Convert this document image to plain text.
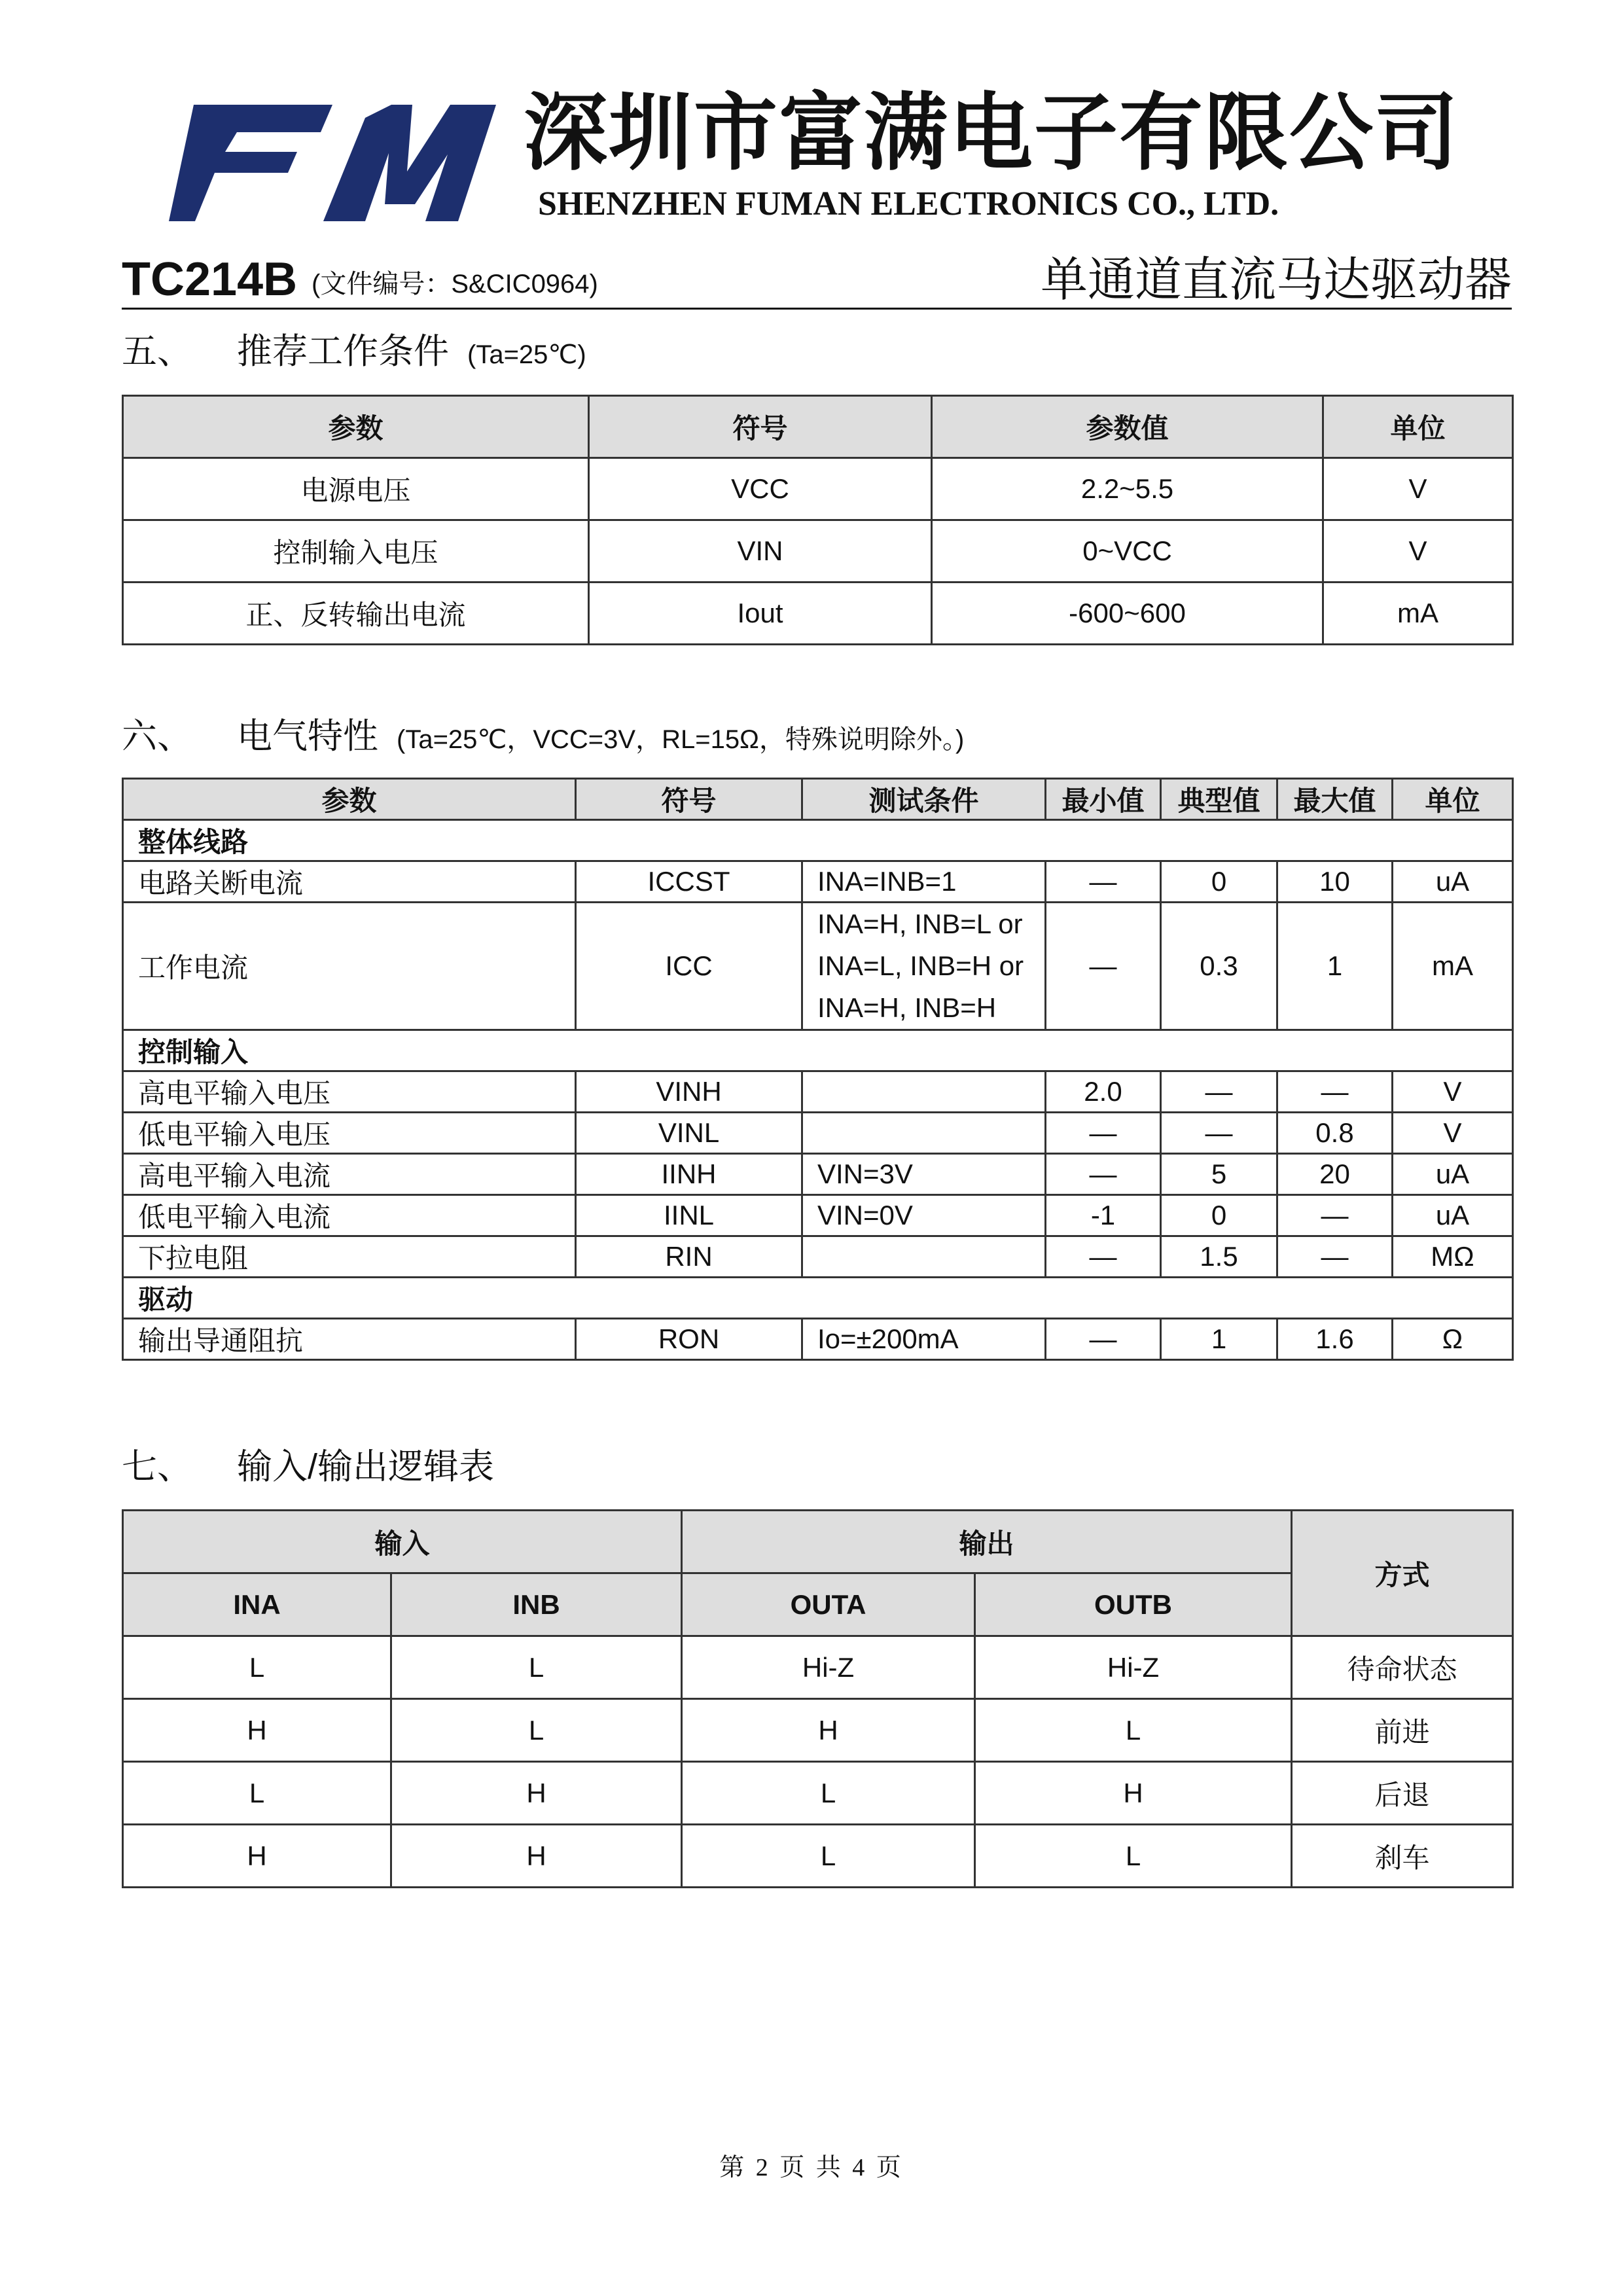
深圳市富满电子有限公司
SHENZHEN FUMAN ELECTRONICS CO., LTD.
TC214B (文件编号：S&CIC0964)	单通道直流马达驱动器
五、 推荐工作条件 (Ta=25℃)
参数	符号	参数值	单位
电源电压	VCC	2.2~5.5	V
控制输入电压	VIN	0~VCC	V
正、反转输出电流	Iout	-600~600	mA
六、 电气特性 (Ta=25℃，VCC=3V，RL=15Ω，特殊说明除外。)
参数	符号	测试条件	最小值	典型值	最大值	单位
整体线路						
电路关断电流	ICCST	INA=INB=1	—	0	10	uA
工作电流	ICC	INA=H, INB=L or
INA=L, INB=H or
INA=H, INB=H	—	0.3	1	mA
控制输入						
高电平输入电压	VINH		2.0	—	—	V
低电平输入电压	VINL		—	—	0.8	V
高电平输入电流	IINH	VIN=3V	—	5	20	uA
低电平输入电流	IINL	VIN=0V	-1	0	—	uA
下拉电阻	RIN		—	1.5	—	MΩ
驱动						
输出导通阻抗	RON	Io=±200mA	—	1	1.6	Ω
七、 输入/输出逻辑表
输入		输出		方式
INA	INB	OUTA	OUTB	
L	L	Hi-Z	Hi-Z	待命状态
H	L	H	L	前进
L	H	L	H	后退
H	H	L	L	刹车
第 2 页 共 4 页
